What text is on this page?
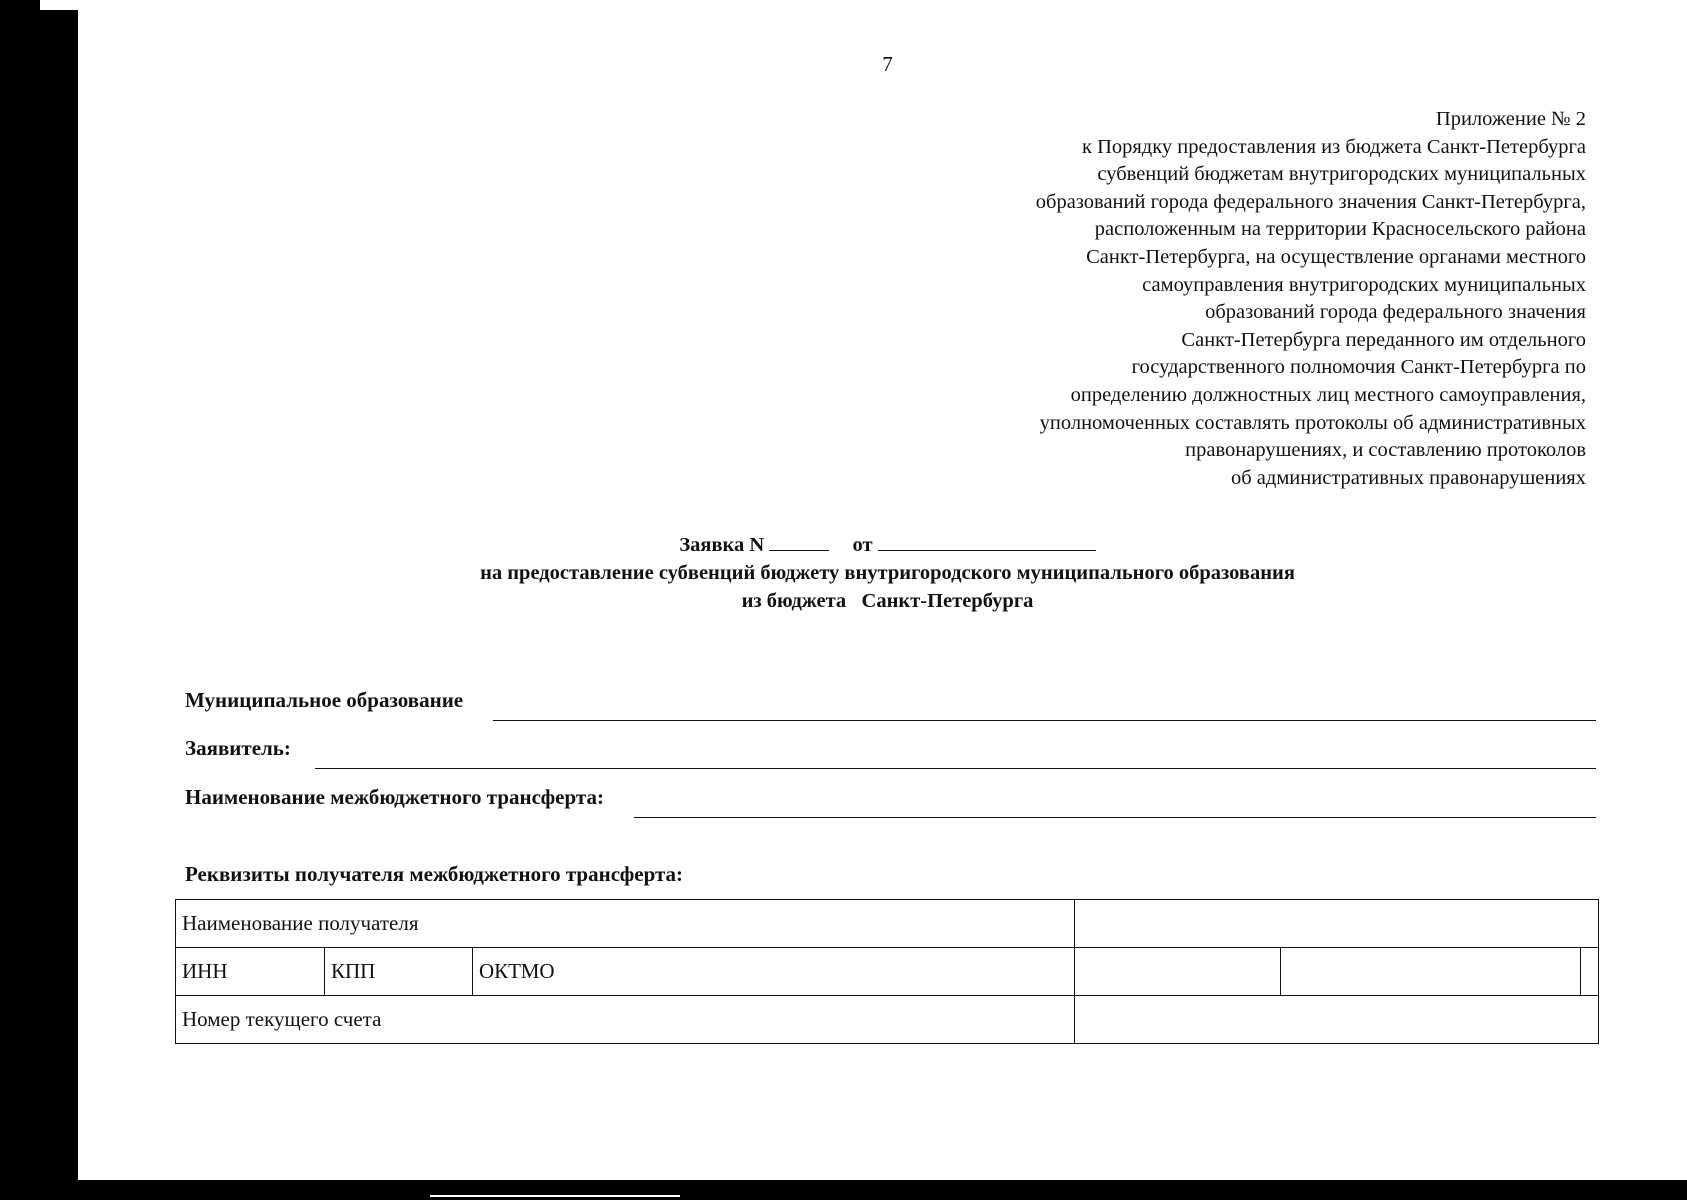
7
Приложение № 2
к Порядку предоставления из бюджета Санкт-Петербурга
субвенций бюджетам внутригородских муниципальных
образований города федерального значения Санкт-Петербурга,
расположенным на территории Красносельского района
Санкт-Петербурга, на осуществление органами местного
самоуправления внутригородских муниципальных
образований города федерального значения
Санкт-Петербурга переданного им отдельного
государственного полномочия Санкт-Петербурга по
определению должностных лиц местного самоуправления,
уполномоченных составлять протоколы об административных
правонарушениях, и составлению протоколов
об административных правонарушениях
Заявка N	от
на предоставление субвенций бюджету внутригородского муниципального образования
из бюджета   Санкт-Петербурга
Муниципальное образование
Заявитель:
Наименование межбюджетного трансферта:
Реквизиты получателя межбюджетного трансферта:
Наименование получателя					
ИНН	КПП	ОКТМО			
Номер текущего счета					
